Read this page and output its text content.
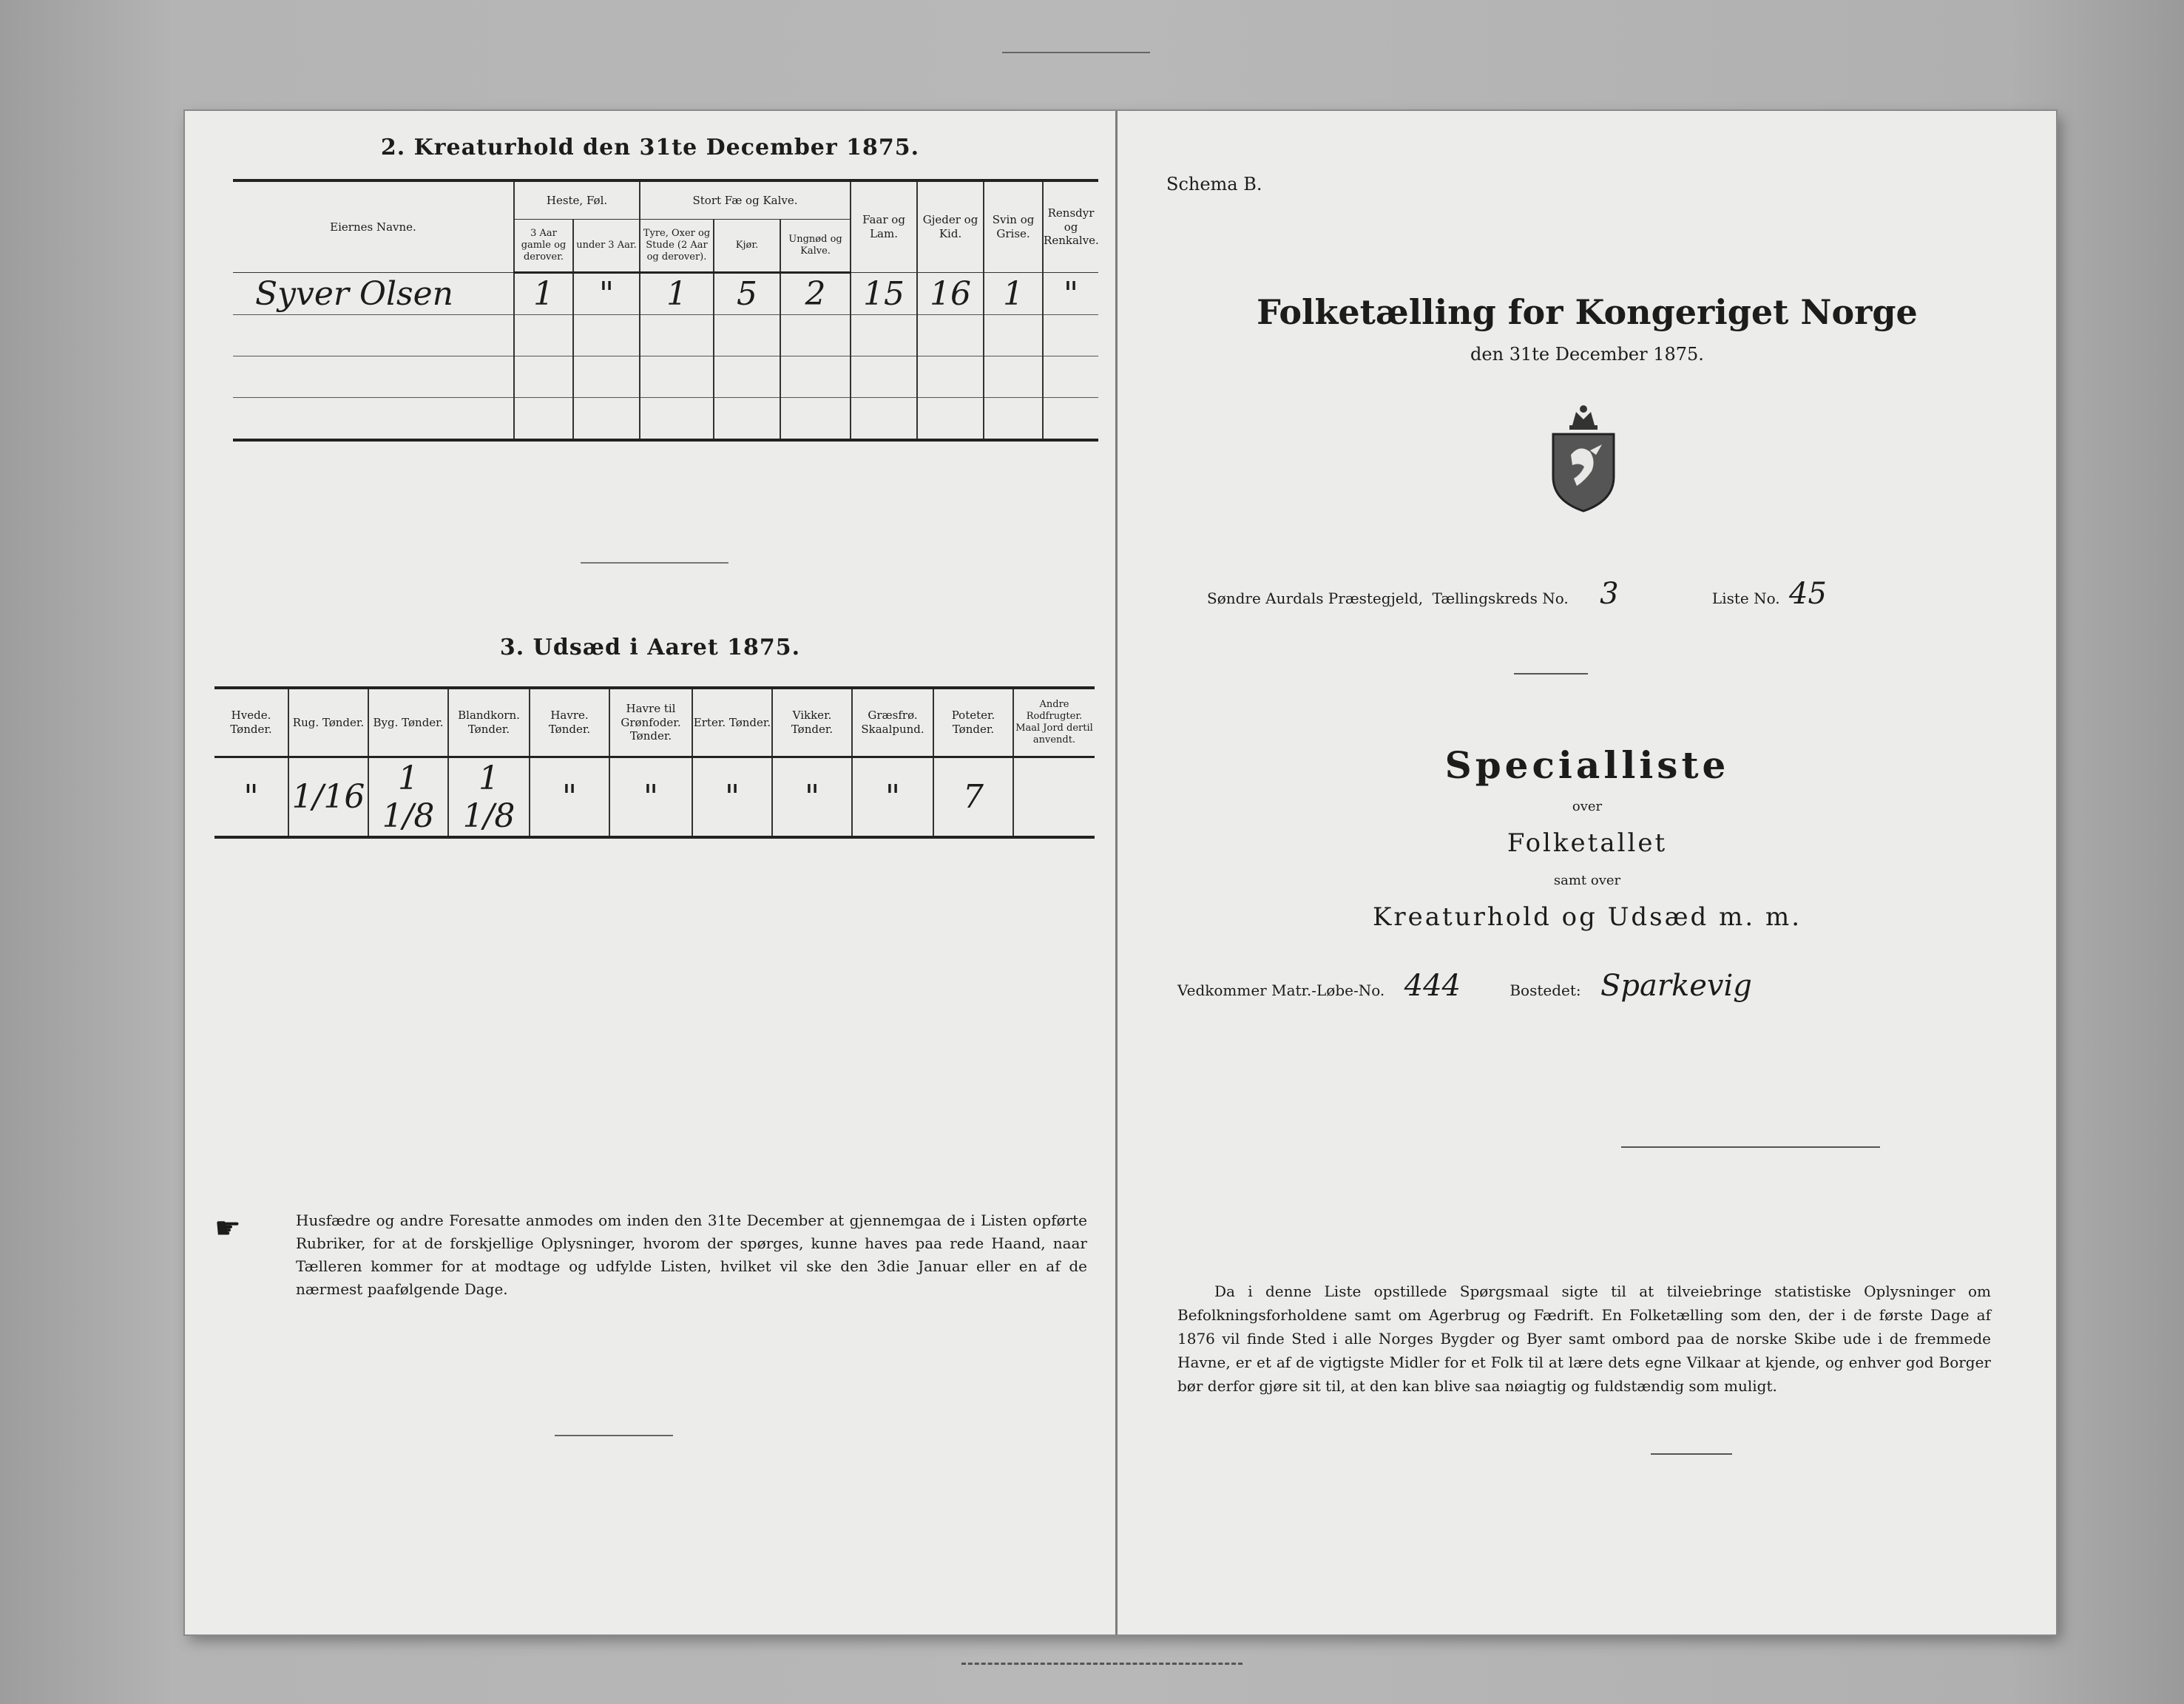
2. Kreaturhold den 31te December 1875.
Eiernes Navne.	Heste, Føl.		Stort Fæ og Kalve.			Faar og Lam.	Gjeder og Kid.	Svin og Grise.	Rensdyr og Renkalve.
	3 Aar gamle og derover.	under 3 Aar.	Tyre, Oxer og Stude (2 Aar og derover).	Kjør.	Ungnød og Kalve.				
Syver Olsen	1	"	1	5	2	15	16	1	"

3. Udsæd i Aaret 1875.
Hvede. Tønder.	Rug. Tønder.	Byg. Tønder.	Blandkorn. Tønder.	Havre. Tønder.	Havre til Grønfoder. Tønder.	Erter. Tønder.	Vikker. Tønder.	Græsfrø. Skaalpund.	Poteter. Tønder.	Andre Rodfrugter. Maal Jord dertil anvendt.
"	1/16	1 1/8	1 1/8	"	"	"	"	"	7	
☛	Husfædre og andre Foresatte anmodes om inden den 31te December at gjennemgaa de i Listen opførte Rubriker, for at de forskjellige Oplysninger, hvorom der spørges, kunne haves paa rede Haand, naar Tælleren kommer for at modtage og udfylde Listen, hvilket vil ske den 3die Januar eller en af de nærmest paafølgende Dage.
Schema B.
Folketælling for Kongeriget Norge
den 31te December 1875.
Søndre Aurdals Præstegjeld, Tællingskreds No. 3	Liste No. 45
Specialliste
over
Folketallet
samt over
Kreaturhold og Udsæd m. m.
Vedkommer Matr.-Løbe-No. 444	Bostedet: Sparkevig
Da i denne Liste opstillede Spørgsmaal sigte til at tilveiebringe statistiske Oplysninger om Befolkningsforholdene samt om Agerbrug og Fædrift. En Folketælling som den, der i de første Dage af 1876 vil finde Sted i alle Norges Bygder og Byer samt ombord paa de norske Skibe ude i de fremmede Havne, er et af de vigtigste Midler for et Folk til at lære dets egne Vilkaar at kjende, og enhver god Borger bør derfor gjøre sit til, at den kan blive saa nøiagtig og fuldstændig som muligt.
